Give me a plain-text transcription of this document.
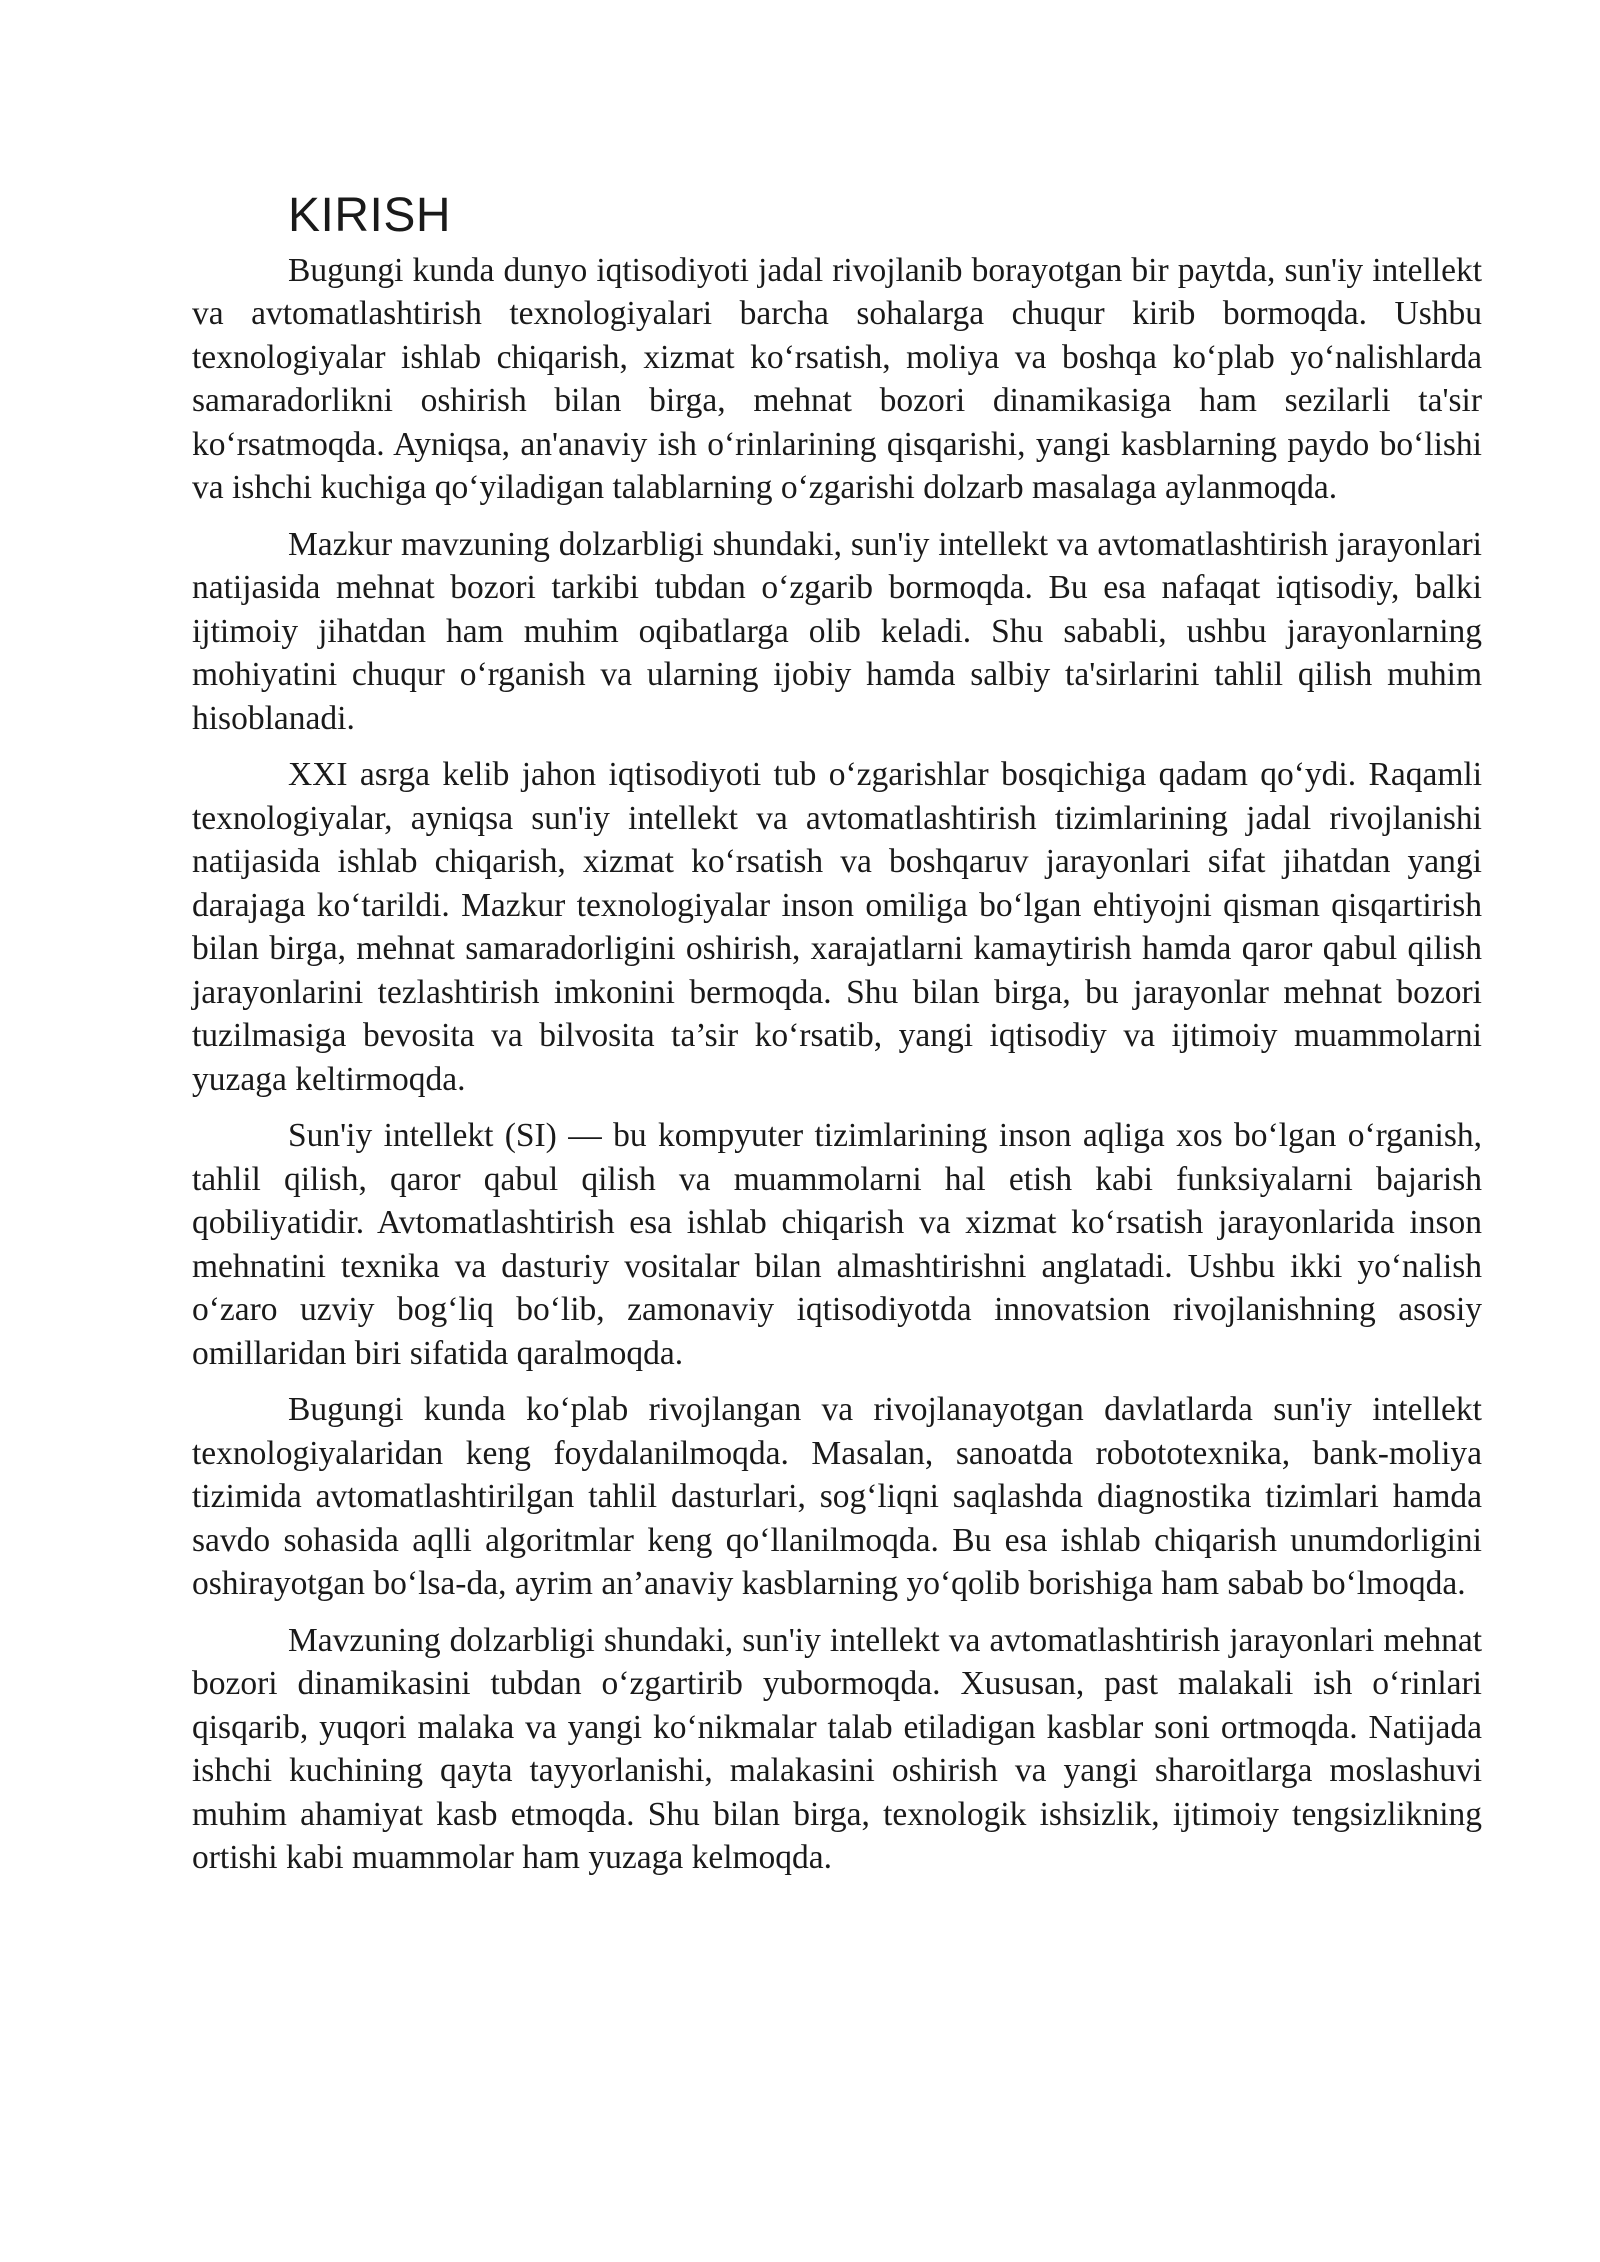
KIRISH

Bugungi kunda dunyo iqtisodiyoti jadal rivojlanib borayotgan bir paytda, sun'iy intellekt va avtomatlashtirish texnologiyalari barcha sohalarga chuqur kirib bormoqda. Ushbu texnologiyalar ishlab chiqarish, xizmat ko‘rsatish, moliya va boshqa ko‘plab yo‘nalishlarda samaradorlikni oshirish bilan birga, mehnat bozori dinamikasiga ham sezilarli ta'sir ko‘rsatmoqda. Ayniqsa, an'anaviy ish o‘rinlarining qisqarishi, yangi kasblarning paydo bo‘lishi va ishchi kuchiga qo‘yiladigan talablarning o‘zgarishi dolzarb masalaga aylanmoqda.

Mazkur mavzuning dolzarbligi shundaki, sun'iy intellekt va avtomatlashtirish jarayonlari natijasida mehnat bozori tarkibi tubdan o‘zgarib bormoqda. Bu esa nafaqat iqtisodiy, balki ijtimoiy jihatdan ham muhim oqibatlarga olib keladi. Shu sababli, ushbu jarayonlarning mohiyatini chuqur o‘rganish va ularning ijobiy hamda salbiy ta'sirlarini tahlil qilish muhim hisoblanadi.

XXI asrga kelib jahon iqtisodiyoti tub o‘zgarishlar bosqichiga qadam qo‘ydi. Raqamli texnologiyalar, ayniqsa sun'iy intellekt va avtomatlashtirish tizimlarining jadal rivojlanishi natijasida ishlab chiqarish, xizmat ko‘rsatish va boshqaruv jarayonlari sifat jihatdan yangi darajaga ko‘tarildi. Mazkur texnologiyalar inson omiliga bo‘lgan ehtiyojni qisman qisqartirish bilan birga, mehnat samaradorligini oshirish, xarajatlarni kamaytirish hamda qaror qabul qilish jarayonlarini tezlashtirish imkonini bermoqda. Shu bilan birga, bu jarayonlar mehnat bozori tuzilmasiga bevosita va bilvosita ta’sir ko‘rsatib, yangi iqtisodiy va ijtimoiy muammolarni yuzaga keltirmoqda.

Sun'iy intellekt (SI) — bu kompyuter tizimlarining inson aqliga xos bo‘lgan o‘rganish, tahlil qilish, qaror qabul qilish va muammolarni hal etish kabi funksiyalarni bajarish qobiliyatidir. Avtomatlashtirish esa ishlab chiqarish va xizmat ko‘rsatish jarayonlarida inson mehnatini texnika va dasturiy vositalar bilan almashtirishni anglatadi. Ushbu ikki yo‘nalish o‘zaro uzviy bog‘liq bo‘lib, zamonaviy iqtisodiyotda innovatsion rivojlanishning asosiy omillaridan biri sifatida qaralmoqda.

Bugungi kunda ko‘plab rivojlangan va rivojlanayotgan davlatlarda sun'iy intellekt texnologiyalaridan keng foydalanilmoqda. Masalan, sanoatda robototexnika, bank-moliya tizimida avtomatlashtirilgan tahlil dasturlari, sog‘liqni saqlashda diagnostika tizimlari hamda savdo sohasida aqlli algoritmlar keng qo‘llanilmoqda. Bu esa ishlab chiqarish unumdorligini oshirayotgan bo‘lsa-da, ayrim an’anaviy kasblarning yo‘qolib borishiga ham sabab bo‘lmoqda.

Mavzuning dolzarbligi shundaki, sun'iy intellekt va avtomatlashtirish jarayonlari mehnat bozori dinamikasini tubdan o‘zgartirib yubormoqda. Xususan, past malakali ish o‘rinlari qisqarib, yuqori malaka va yangi ko‘nikmalar talab etiladigan kasblar soni ortmoqda. Natijada ishchi kuchining qayta tayyorlanishi, malakasini oshirish va yangi sharoitlarga moslashuvi muhim ahamiyat kasb etmoqda. Shu bilan birga, texnologik ishsizlik, ijtimoiy tengsizlikning ortishi kabi muammolar ham yuzaga kelmoqda.
